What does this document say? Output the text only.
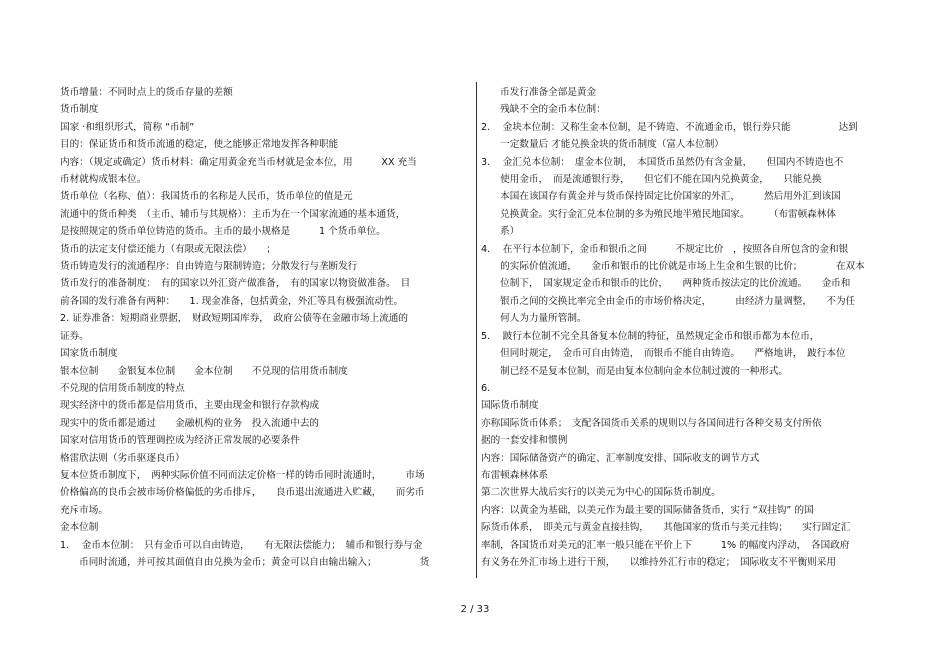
货币增量：不同时点上的货币存量的差额
货币制度
国家 ·和组织形式，简称 “币制”
目的：保证货币和货币流通的稳定，使之能够正常地发挥各种职能
内容：（规定或确定）货币材料：确定用黄金充当币材就是金本位，用　　　XX 充当
币材就构成银本位。
货币单位（名称、值）：我国货币的名称是人民币，货币单位的值是元
流通中的货币种类　（主币、辅币与其规格）：主币为在一个国家流通的基本通货，
是按照规定的货币单位铸造的货币。主币的最小规格是　　　1 个货币单位。
货币的法定支付偿还能力（有限或无限法偿）　　；
货币铸造发行的流通程序：自由铸造与限制铸造；分散发行与垄断发行
货币发行的准备制度：　有的国家以外汇资产做准备，　有的国家以物资做准备。　目
前各国的发行准备有两种：　　1. 现金准备，包括黄金，外汇等具有极强流动性。
2. 证券准备：短期商业票据，　财政短期国库券，　政府公债等在金融市场上流通的
证券。
国家货币制度
银本位制　　金银复本位制　　金本位制　　不兑现的信用货币制度
不兑现的信用货币制度的特点
现实经济中的货币都是信用货币，主要由现金和银行存款构成
现实中的货币都是通过　　金融机构的业务　投入流通中去的
国家对信用货币的管理调控成为经济正常发展的必要条件
格雷欣法则（劣币驱逐良币）
复本位货币制度下，　两种实际价值不同而法定价格一样的铸币同时流通时，　　　市场
价格偏高的良币会被市场价格偏低的劣币排斥，　　良币退出流通进入贮藏，　　而劣币
充斥市场。
金本位制
1.　 金币本位制：　只有金币可以自由铸造，　　有无限法偿能力；　辅币和银行券与金
　　币同时流通，并可按其面值自由兑换为金币；黄金可以自由输出输入；　　　　　货
　　币发行准备全部是黄金
　　残缺不全的金币本位制：
2.　 金块本位制：又称生金本位制，是不铸造、不流通金币，银行券只能　　　　　达到
　　一定数量后 才能兑换金块的货币制度（富人本位制）
3.　 金汇兑本位制：　虚金本位制，　本国货币虽然仍有含金量，　　但国内不铸造也不
　　使用金币，　而是流通银行券，　　但它们不能在国内兑换黄金，　　只能兑换
　　本国在该国存有黄金并与货币保持固定比价国家的外汇，　　　然后用外汇到该国
　　兑换黄金。实行金汇兑本位制的多为殖民地半殖民地国家。　　　（布雷顿森林体
　　系）
4.　 在平行本位制下，金币和银币之间　　　不规定比价　，按照各自所包含的金和银
　　的实际价值流通，　　金币和银币的比价就是市场上生金和生银的比价；　　　　在双本
　　位制下，　国家规定金币和银币的比价，　　两种货币按法定的比价流通。　　金币和
　　银币之间的交换比率完全由金币的市场价格决定，　　　由经济力量调整，　　不为任
　　何人为力量所管制。
5.　 跛行本位制不完全具备复本位制的特征，虽然规定金币和银币都为本位币，
　　但同时规定，　金币可自由铸造，　而银币不能自由铸造。　　严格地讲，　跛行本位
　　制已经不是复本位制，而是由复本位制向金本位制过渡的一种形式。
6.
国际货币制度
亦称国际货币体系；　支配各国货币关系的规则以与各国间进行各种交易支付所依
据的一套安排和惯例
内容：国际储备资产的确定、汇率制度安排、国际收支的调节方式
布雷顿森林体系
第二次世界大战后实行的以美元为中心的国际货币制度。
内容：以黄金为基础，以美元作为最主要的国际储备货币，实行 “双挂钩” 的国
际货币体系，　即美元与黄金直接挂钩，　　其他国家的货币与美元挂钩；　　实行固定汇
率制，各国货币对美元的汇率一般只能在平价上下　　　1% 的幅度内浮动，　各国政府
有义务在外汇市场上进行干预，　　以维持外汇行市的稳定；　国际收支不平衡则采用
2 / 33
